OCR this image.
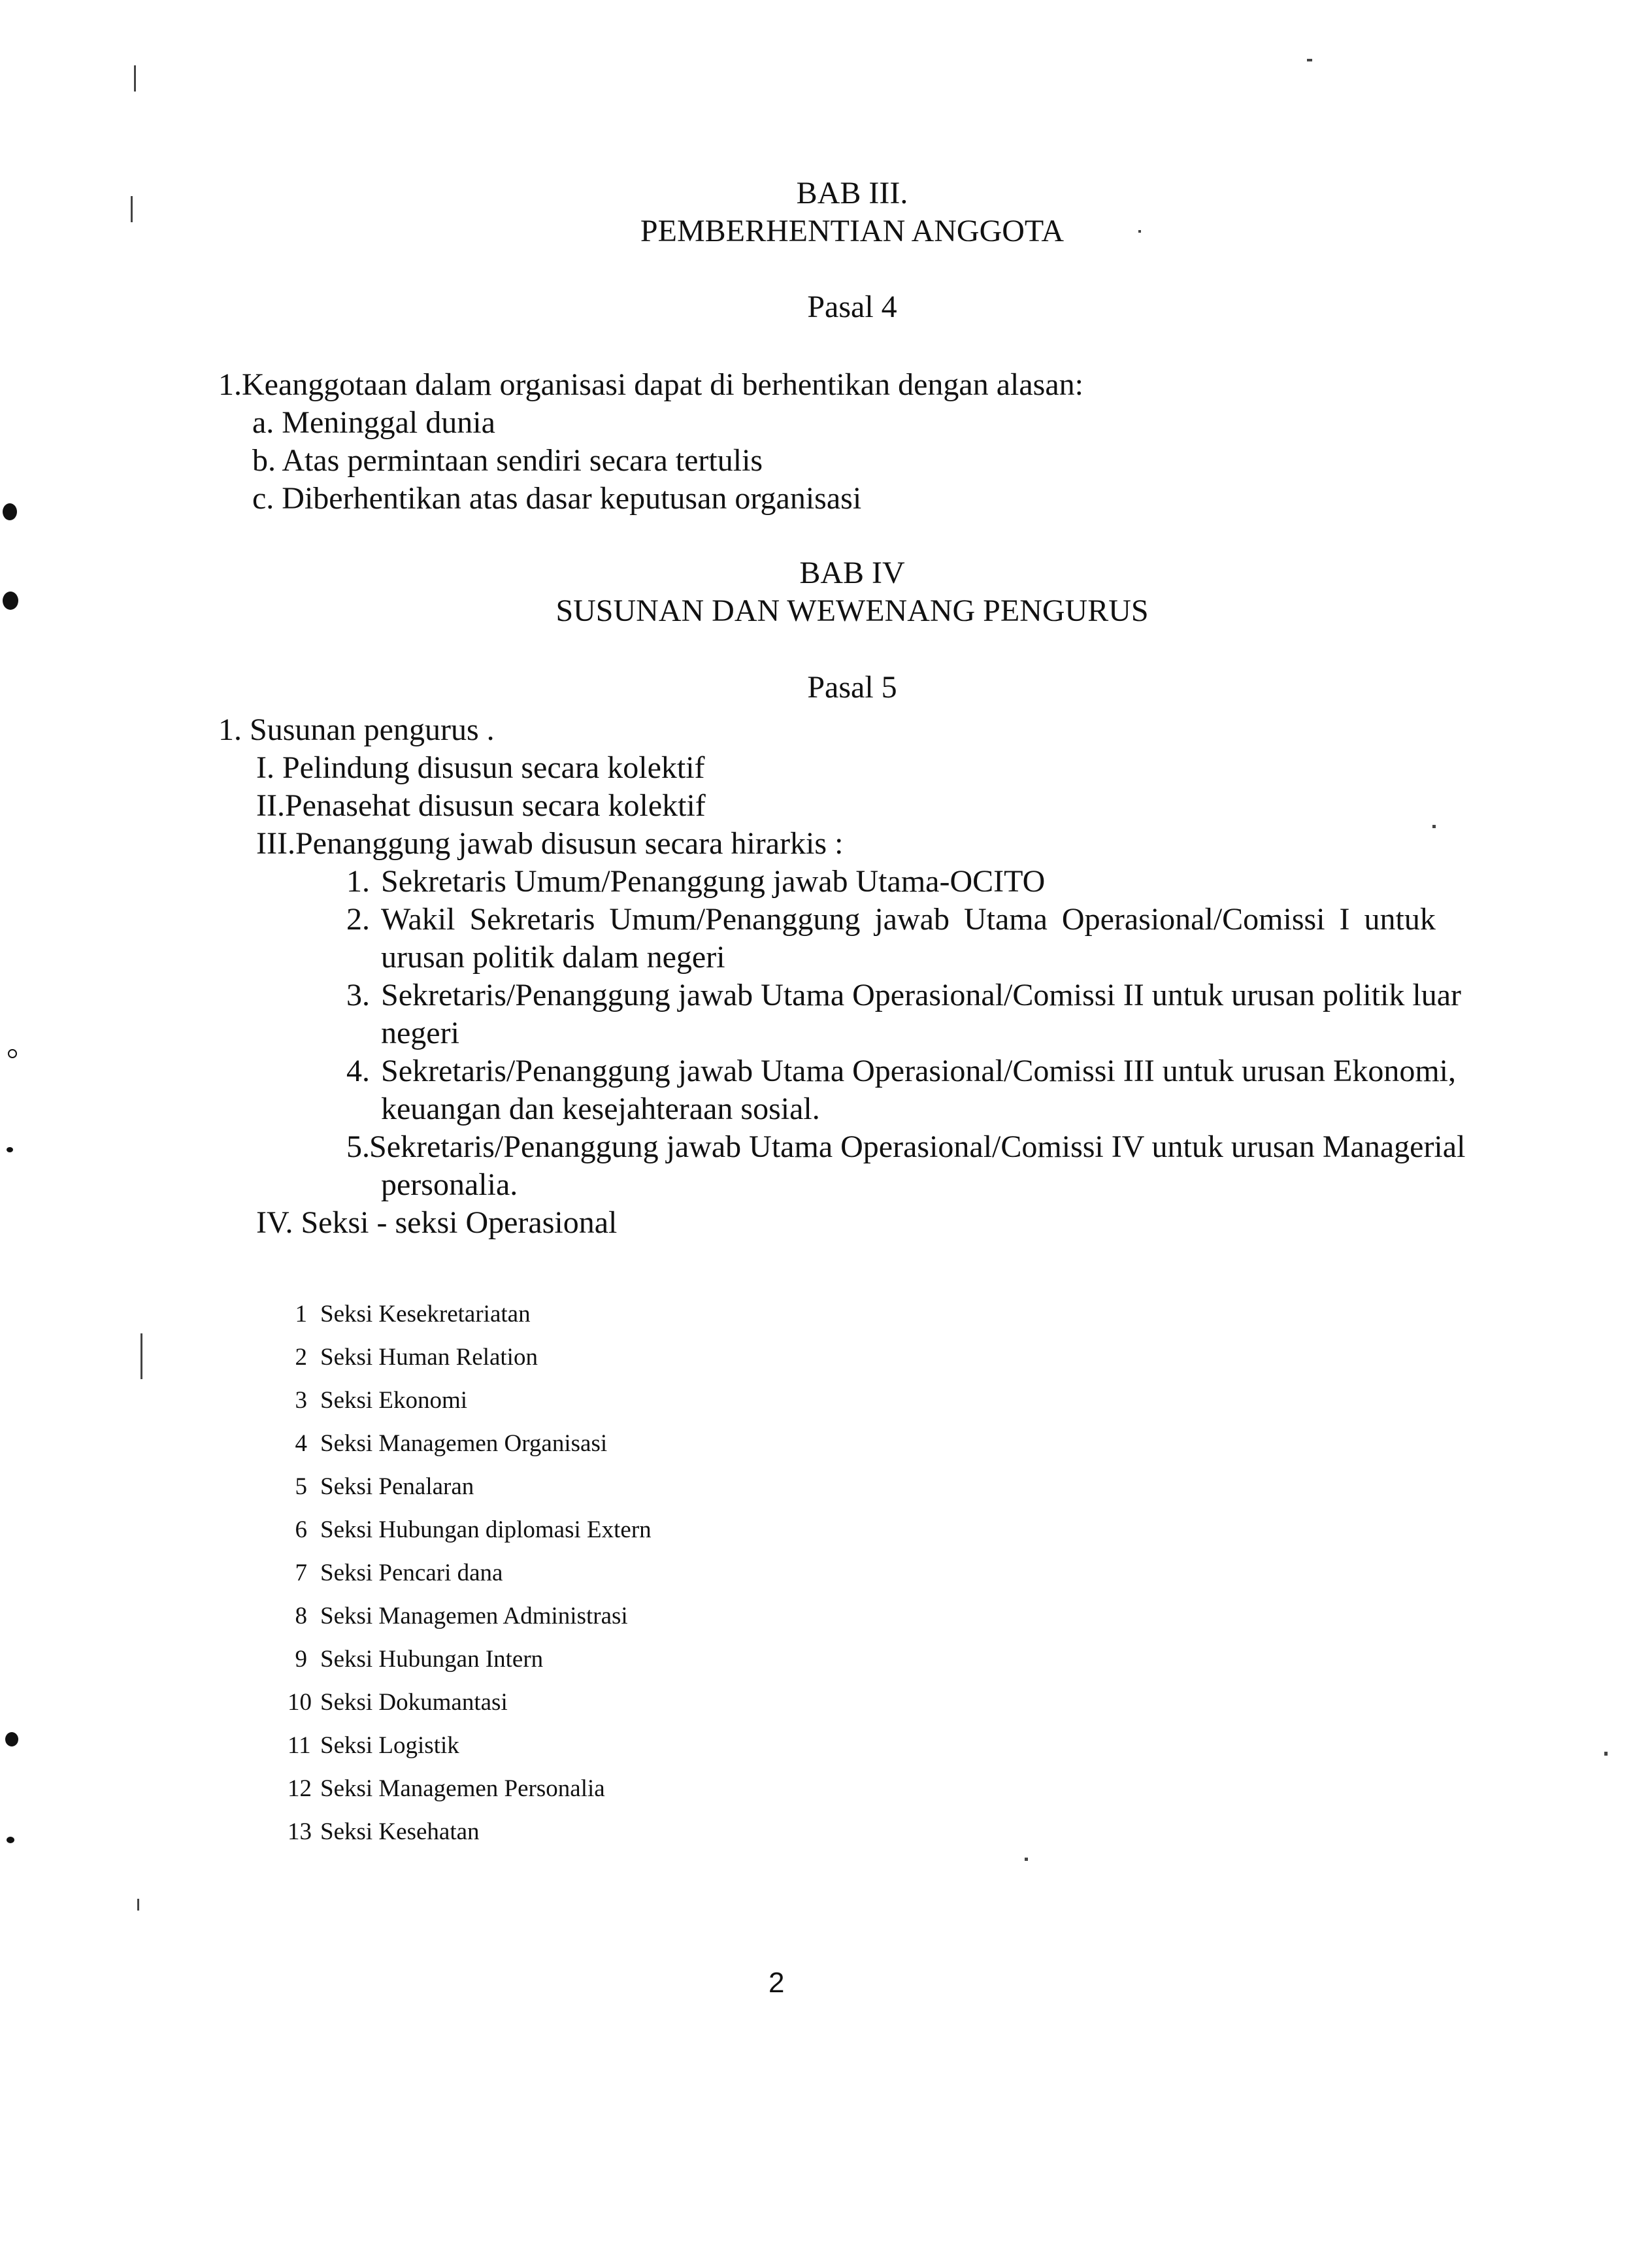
BAB III.
PEMBERHENTIAN ANGGOTA
Pasal 4
1.Keanggotaan dalam organisasi dapat di berhentikan dengan alasan:
a. Meninggal dunia
b. Atas permintaan sendiri secara tertulis
c. Diberhentikan atas dasar keputusan organisasi
BAB IV
SUSUNAN DAN WEWENANG PENGURUS
Pasal 5
1. Susunan pengurus .
I. Pelindung disusun secara kolektif
II.Penasehat disusun secara kolektif
III.Penanggung jawab disusun secara hirarkis :
1. Sekretaris Umum/Penanggung jawab Utama-OCITO
2. Wakil Sekretaris Umum/Penanggung jawab Utama Operasional/Comissi I untuk
urusan politik dalam negeri
3. Sekretaris/Penanggung jawab Utama Operasional/Comissi II untuk urusan politik luar
negeri
4. Sekretaris/Penanggung jawab Utama Operasional/Comissi III untuk urusan Ekonomi,
keuangan dan kesejahteraan sosial.
5. Sekretaris/Penanggung jawab Utama Operasional/Comissi IV untuk urusan Managerial
personalia.
IV. Seksi - seksi Operasional
1 Seksi Kesekretariatan
2 Seksi Human Relation
3 Seksi Ekonomi
4 Seksi Managemen Organisasi
5 Seksi Penalaran
6 Seksi Hubungan diplomasi Extern
7 Seksi Pencari dana
8 Seksi Managemen Administrasi
9 Seksi Hubungan Intern
10 Seksi Dokumantasi
11 Seksi Logistik
12 Seksi Managemen Personalia
13 Seksi Kesehatan
2
